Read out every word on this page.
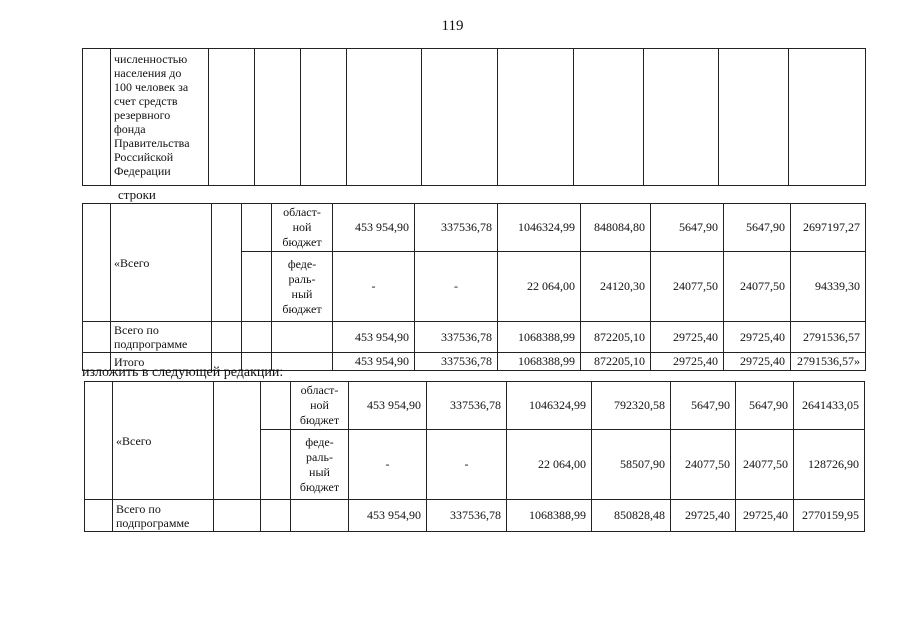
119

численностью
населения до
100 человек за
счет средств
резервного
фонда
Правительства
Российской
Федерации

строки
	«Всего			област-
ной
бюджет	453 954,90	337536,78	1046324,99	848084,80	5647,90	5647,90	2697197,27

				феде-
раль-
ный
бюджет	-	-	22 064,00	24120,30	24077,50	24077,50	94339,30

	Всего по
подпрограмме				453 954,90	337536,78	1068388,99	872205,10	29725,40	29725,40	2791536,57
	Итого				453 954,90	337536,78	1068388,99	872205,10	29725,40	29725,40	2791536,57»
изложить в следующей редакции:
	«Всего			област-
ной
бюджет	453 954,90	337536,78	1046324,99	792320,58	5647,90	5647,90	2641433,05

				феде-
раль-
ный
бюджет	-	-	22 064,00	58507,90	24077,50	24077,50	128726,90

	Всего по
подпрограмме				453 954,90	337536,78	1068388,99	850828,48	29725,40	29725,40	2770159,95
